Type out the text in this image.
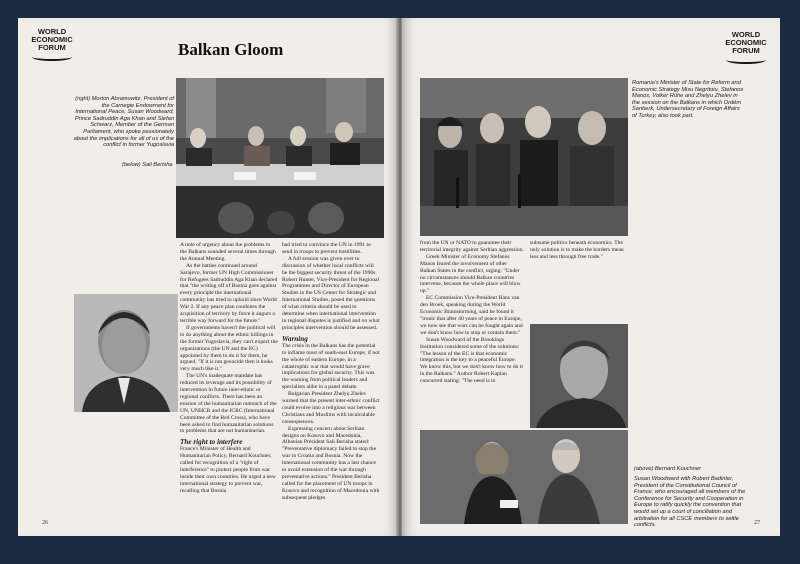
WORLD
ECONOMIC
FORUM	Balkan Gloom

(right) Morton Abramowitz, President of the Carnegie Endowment for International Peace, Susan Woodward, Prince Sadruddin Aga Khan and Stefan Schwarz, Member of the German Parliament, who spoke passionately about the implications for all of us of the conflict in former Yugoslavia

(below) Sali Berisha

A note of urgency about the problems in the Balkans sounded several times through the Annual Meeting.

As the battles continued around Sarajevo, former UN High Commissioner for Refugees Sadruddin Aga Khan declared that "the writing off of Bosnia goes against every principle the international community has tried to uphold since World War 2. If any peace plan condones the acquisition of territory by force it augurs a terrible way forward for the future."

If governments haven't the political will to do anything about the ethnic killings in the former Yugoslavia, they can't expect the organizations (the UN and the EC) appointed by them to do it for them, he argued. "If it is not genocide then it looks very much like it."

The UN's inadequate mandate has reduced its leverage and its possibility of intervention in future inter-ethnic or regional conflicts. There has been an erosion of the humanitarian outreach of the UN, UNHCR and the ICRC (International Committee of the Red Cross), who have been asked to find humanitarian solutions to problems that are not humanitarian.

The right to interfere

France's Minister of Health and Humanitarian Policy, Bernard Kouchner, called for recognition of a "right of interference" to protect people from war inside their own countries. He urged a new international strategy to prevent war, recalling that Bosnia

had tried to convince the UN in 1991 to send in troops to prevent hostilities.

A full session was given over to discussion of whether local conflicts will be the biggest security threat of the 1990s. Robert Hunter, Vice-President for Regional Programmes and Director of European Studies in the US Center for Strategic and International Studies, posed the questions of what criteria should be used to determine when international intervention in regional disputes is justified and on what principles intervention should be assessed.

Warning

The crisis in the Balkans has the potential to inflame most of south-east Europe, if not the whole of eastern Europe, in a catastrophic war that would have grave implications for global security. This was the warning from political leaders and specialists alike in a panel debate.

Bulgarian President Zhelyu Zhelev warned that the present inter-ethnic conflict could evolve into a religious war between Christians and Muslims with incalculable consequences.

Expressing concern about Serbian designs on Kosovo and Macedonia, Albanian President Sali Berisha stated: "Preventative diplomacy failed to stop the war in Croatia and Bosnia. Now the international community has a last chance to avoid extension of the war through preventative actions." President Berisha called for the placement of UN troops in Kosovo and recognition of Macedonia with subsequent pledges

26
WORLD
ECONOMIC
FORUM

Romania's Minister of State for Reform and Economic Strategy Misu Negritoiu, Stefanos Manos, Volker Rühe and Zhelyu Zhelev in the session on the Balkans in which Ordém Sanberk, Undersecretary of Foreign Affairs of Turkey, also took part.

from the UN or NATO to guarantee their territorial integrity against Serbian aggression.

Greek Minister of Economy Stefanos Manos feared the involvement of other Balkan States in the conflict, urging: "Under no circumstances should Balkan countries intervene, because the whole place will blow up."

EC Commission Vice-President Hans van den Broek, speaking during the World Economic Brainstorming, said he found it "ironic that after 40 years of peace in Europe, we now see that wars can be fought again and we don't know how to stop or contain them."

Susan Woodward of the Brookings Institution considered some of the solutions: "The lesson of the EC is that economic integration is the key to a peaceful Europe. We know this, but we don't know how to do it in the Balkans." Author Robert Kaplan concurred stating: "The need is to

subsume politics beneath economics. The only solution is to make the borders mean less and less through free trade."

(above) Bernard Kouchner

Susan Woodward with Robert Badinter, President of the Constitutional Council of France, who encouraged all members of the Conference for Security and Cooperation in Europe to ratify quickly the convention that would set up a court of conciliation and arbitration for all CSCE members to settle conflicts.	27
